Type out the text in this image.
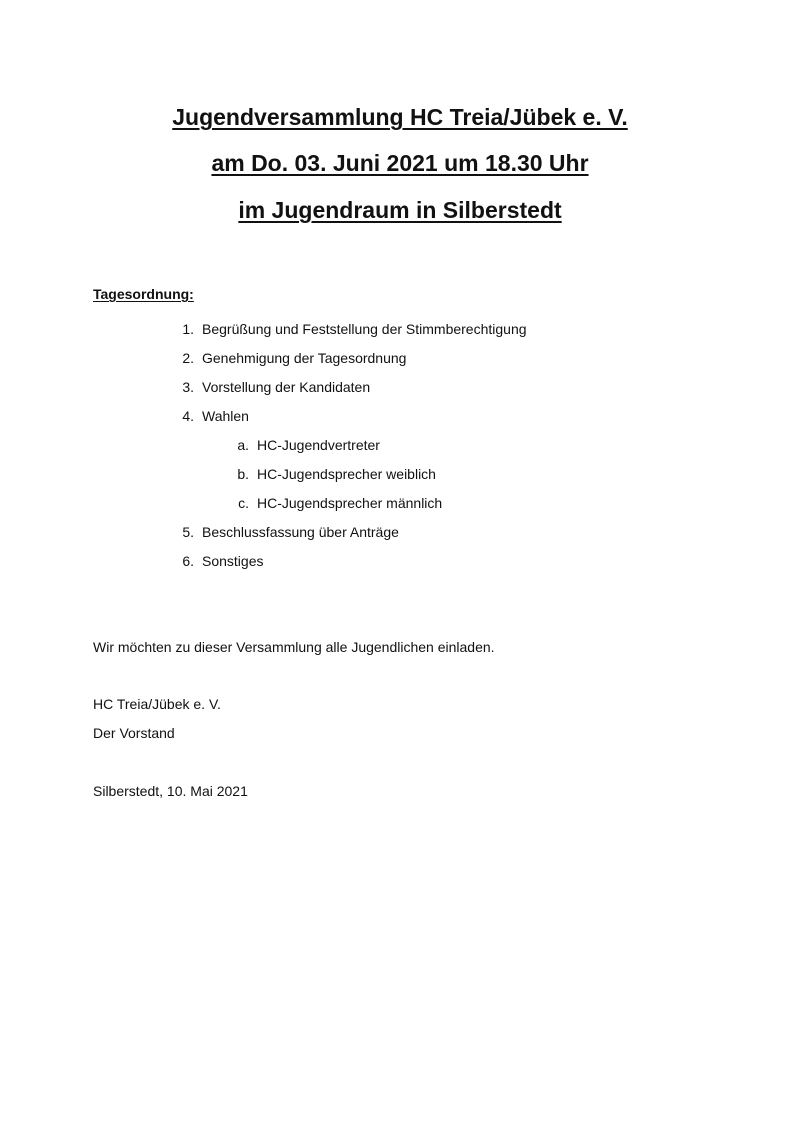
Jugendversammlung HC Treia/Jübek e. V.
am Do. 03. Juni 2021 um 18.30 Uhr
im Jugendraum in Silberstedt
Tagesordnung:
1. Begrüßung und Feststellung der Stimmberechtigung
2. Genehmigung der Tagesordnung
3. Vorstellung der Kandidaten
4. Wahlen
a. HC-Jugendvertreter
b. HC-Jugendsprecher weiblich
c. HC-Jugendsprecher männlich
5. Beschlussfassung über Anträge
6. Sonstiges
Wir möchten zu dieser Versammlung alle Jugendlichen einladen.
HC Treia/Jübek e. V.
Der Vorstand
Silberstedt, 10. Mai 2021
